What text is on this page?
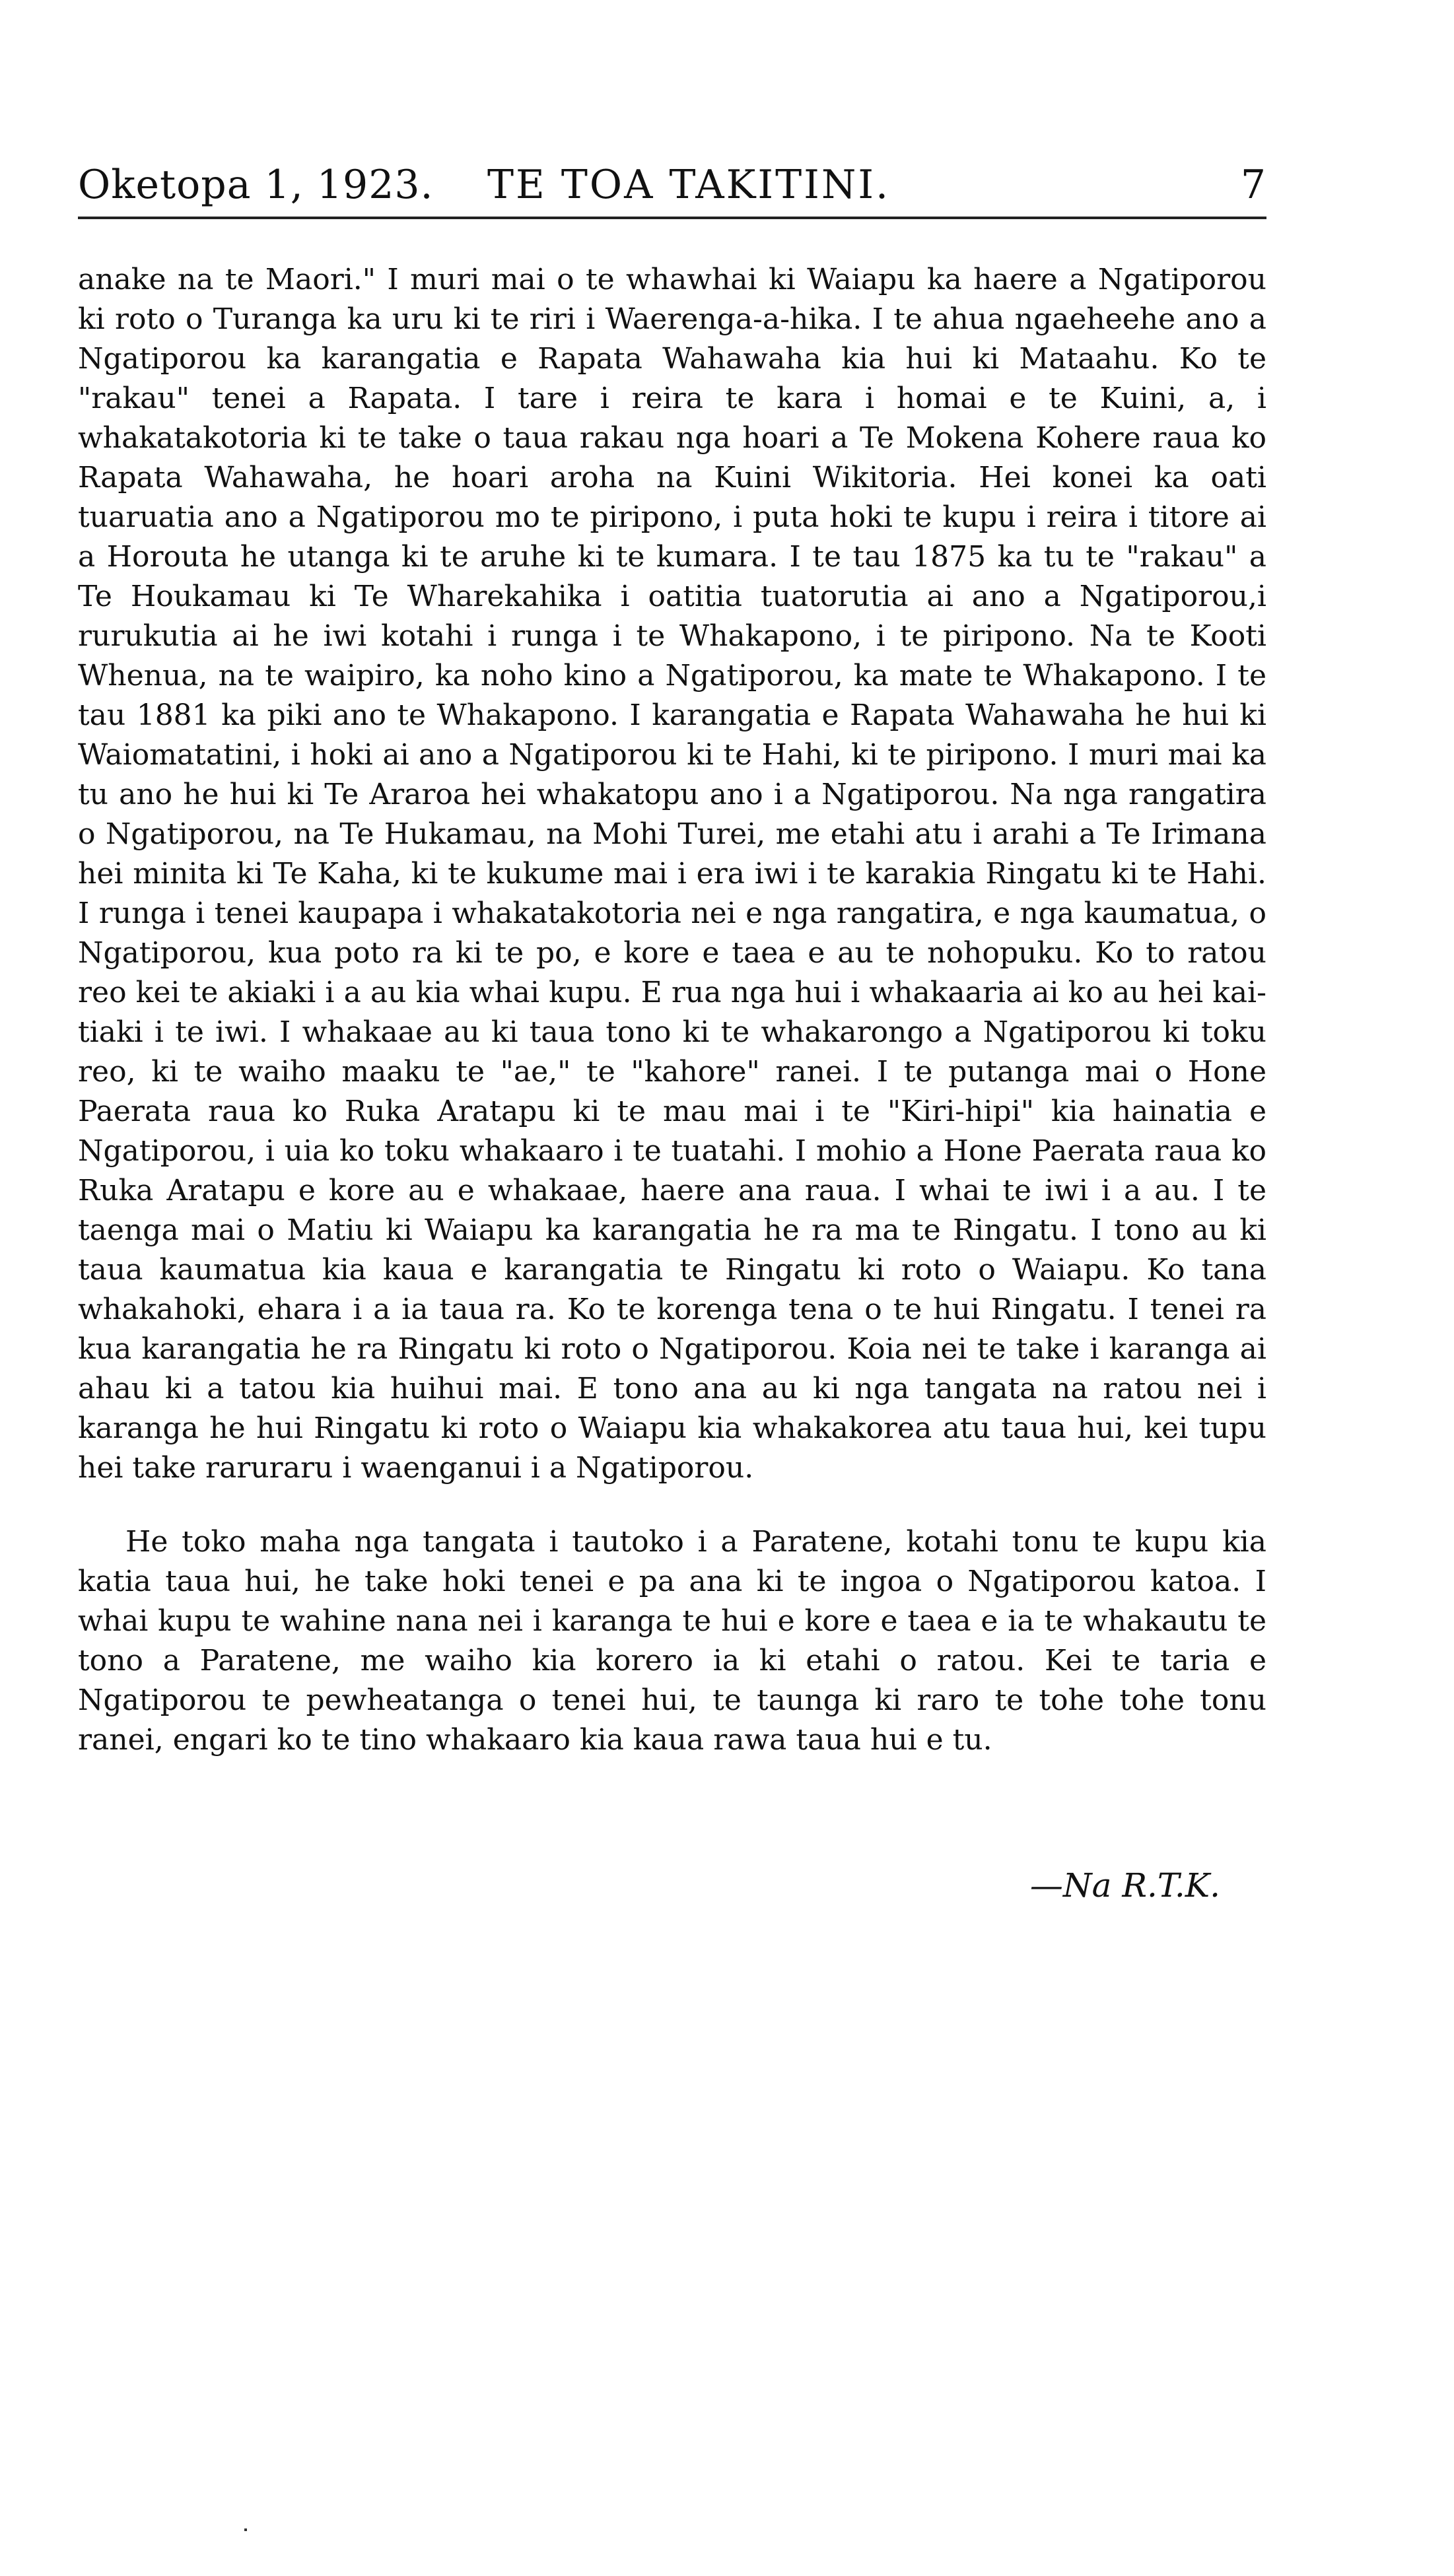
Oketopa 1, 1923.	TE TOA TAKITINI.	7

anake na te Maori." I muri mai o te whawhai ki Waiapu ka haere a Ngatiporou ki roto o Turanga ka uru ki te riri i Waerenga-a-hika. I te ahua ngaeheehe ano a Ngatiporou ka karangatia e Rapata Wahawaha kia hui ki Mataahu. Ko te "rakau" tenei a Rapata. I tare i reira te kara i homai e te Kuini, a, i whakatakotoria ki te take o taua rakau nga hoari a Te Mokena Kohere raua ko Rapata Wahawaha, he hoari aroha na Kuini Wikitoria. Hei konei ka oati tuaruatia ano a Ngatiporou mo te piripono, i puta hoki te kupu i reira i titore ai a Horouta he utanga ki te aruhe ki te kumara. I te tau 1875 ka tu te "rakau" a Te Houkamau ki Te Wharekahika i oatitia tuatorutia ai ano a Ngatiporou,i rurukutia ai he iwi kotahi i runga i te Whakapono, i te piripono. Na te Kooti Whenua, na te waipiro, ka noho kino a Ngatiporou, ka mate te Whakapono. I te tau 1881 ka piki ano te Whakapono. I karangatia e Rapata Wahawaha he hui ki Waiomatatini, i hoki ai ano a Ngatiporou ki te Hahi, ki te piripono. I muri mai ka tu ano he hui ki Te Araroa hei whakatopu ano i a Ngatiporou. Na nga rangatira o Ngatiporou, na Te Hukamau, na Mohi Turei, me etahi atu i arahi a Te Irimana hei minita ki Te Kaha, ki te kukume mai i era iwi i te karakia Ringatu ki te Hahi. I runga i tenei kaupapa i whakatakotoria nei e nga rangatira, e nga kaumatua, o Ngatiporou, kua poto ra ki te po, e kore e taea e au te nohopuku. Ko to ratou reo kei te akiaki i a au kia whai kupu. E rua nga hui i whakaaria ai ko au hei kai-tiaki i te iwi. I whakaae au ki taua tono ki te whakarongo a Ngatiporou ki toku reo, ki te waiho maaku te "ae," te "kahore" ranei. I te putanga mai o Hone Paerata raua ko Ruka Aratapu ki te mau mai i te "Kiri-hipi" kia hainatia e Ngatiporou, i uia ko toku whakaaro i te tuatahi. I mohio a Hone Paerata raua ko Ruka Aratapu e kore au e whakaae, haere ana raua. I whai te iwi i a au. I te taenga mai o Matiu ki Waiapu ka karangatia he ra ma te Ringatu. I tono au ki taua kaumatua kia kaua e karangatia te Ringatu ki roto o Waiapu. Ko tana whakahoki, ehara i a ia taua ra. Ko te korenga tena o te hui Ringatu. I tenei ra kua karangatia he ra Ringatu ki roto o Ngatiporou. Koia nei te take i karanga ai ahau ki a tatou kia huihui mai. E tono ana au ki nga tangata na ratou nei i karanga he hui Ringatu ki roto o Waiapu kia whakakorea atu taua hui, kei tupu hei take raruraru i waenganui i a Ngatiporou.

He toko maha nga tangata i tautoko i a Paratene, kotahi tonu te kupu kia katia taua hui, he take hoki tenei e pa ana ki te ingoa o Ngatiporou katoa. I whai kupu te wahine nana nei i karanga te hui e kore e taea e ia te whakautu te tono a Paratene, me waiho kia korero ia ki etahi o ratou. Kei te taria e Ngatiporou te pewheatanga o tenei hui, te taunga ki raro te tohe tohe tonu ranei, engari ko te tino whakaaro kia kaua rawa taua hui e tu.

—Na R.T.K.
